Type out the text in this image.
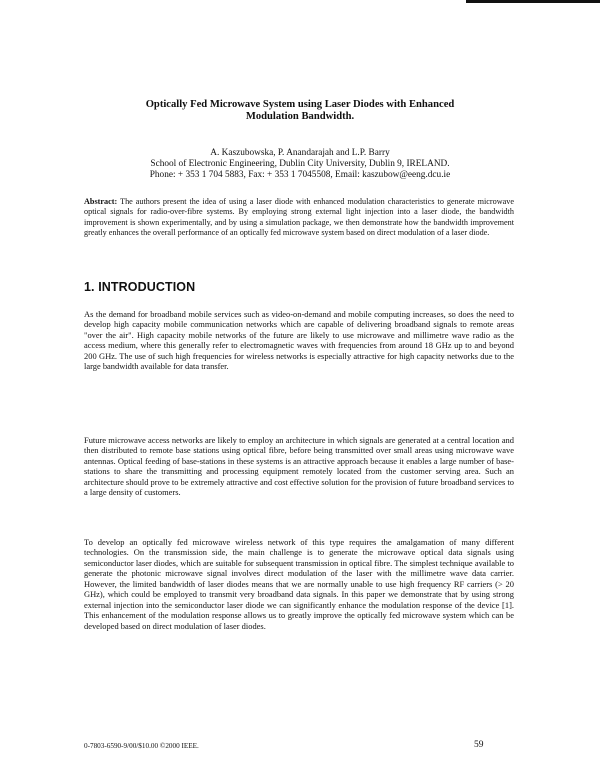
Optically Fed Microwave System using Laser Diodes with Enhanced
Modulation Bandwidth.
A. Kaszubowska, P. Anandarajah and L.P. Barry
School of Electronic Engineering, Dublin City University, Dublin 9, IRELAND.
Phone: + 353 1 704 5883, Fax: + 353 1 7045508, Email: kaszubow@eeng.dcu.ie

Abstract: The authors present the idea of using a laser diode with enhanced modulation characteristics to generate microwave optical signals for radio-over-fibre systems. By employing strong external light injection into a laser diode, the bandwidth improvement is shown experimentally, and by using a simulation package, we then demonstrate how the bandwidth improvement greatly enhances the overall performance of an optically fed microwave system based on direct modulation of a laser diode.

1. INTRODUCTION

As the demand for broadband mobile services such as video-on-demand and mobile computing increases, so does the need to develop high capacity mobile communication networks which are capable of delivering broadband signals to remote areas "over the air". High capacity mobile networks of the future are likely to use microwave and millimetre wave radio as the access medium, where this generally refer to electromagnetic waves with frequencies from around 18 GHz up to and beyond 200 GHz. The use of such high frequencies for wireless networks is especially attractive for high capacity networks due to the large bandwidth available for data transfer.

Future microwave access networks are likely to employ an architecture in which signals are generated at a central location and then distributed to remote base stations using optical fibre, before being transmitted over small areas using microwave wave antennas. Optical feeding of base-stations in these systems is an attractive approach because it enables a large number of base-stations to share the transmitting and processing equipment remotely located from the customer serving area. Such an architecture should prove to be extremely attractive and cost effective solution for the provision of future broadband services to a large density of customers.

To develop an optically fed microwave wireless network of this type requires the amalgamation of many different technologies. On the transmission side, the main challenge is to generate the microwave optical data signals using semiconductor laser diodes, which are suitable for subsequent transmission in optical fibre. The simplest technique available to generate the photonic microwave signal involves direct modulation of the laser with the millimetre wave data carrier. However, the limited bandwidth of laser diodes means that we are normally unable to use high frequency RF carriers (> 20 GHz), which could be employed to transmit very broadband data signals. In this paper we demonstrate that by using strong external injection into the semiconductor laser diode we can significantly enhance the modulation response of the device [1]. This enhancement of the modulation response allows us to greatly improve the optically fed microwave system which can be developed based on direct modulation of laser diodes.

0-7803-6590-9/00/$10.00 ©2000 IEEE.	59
